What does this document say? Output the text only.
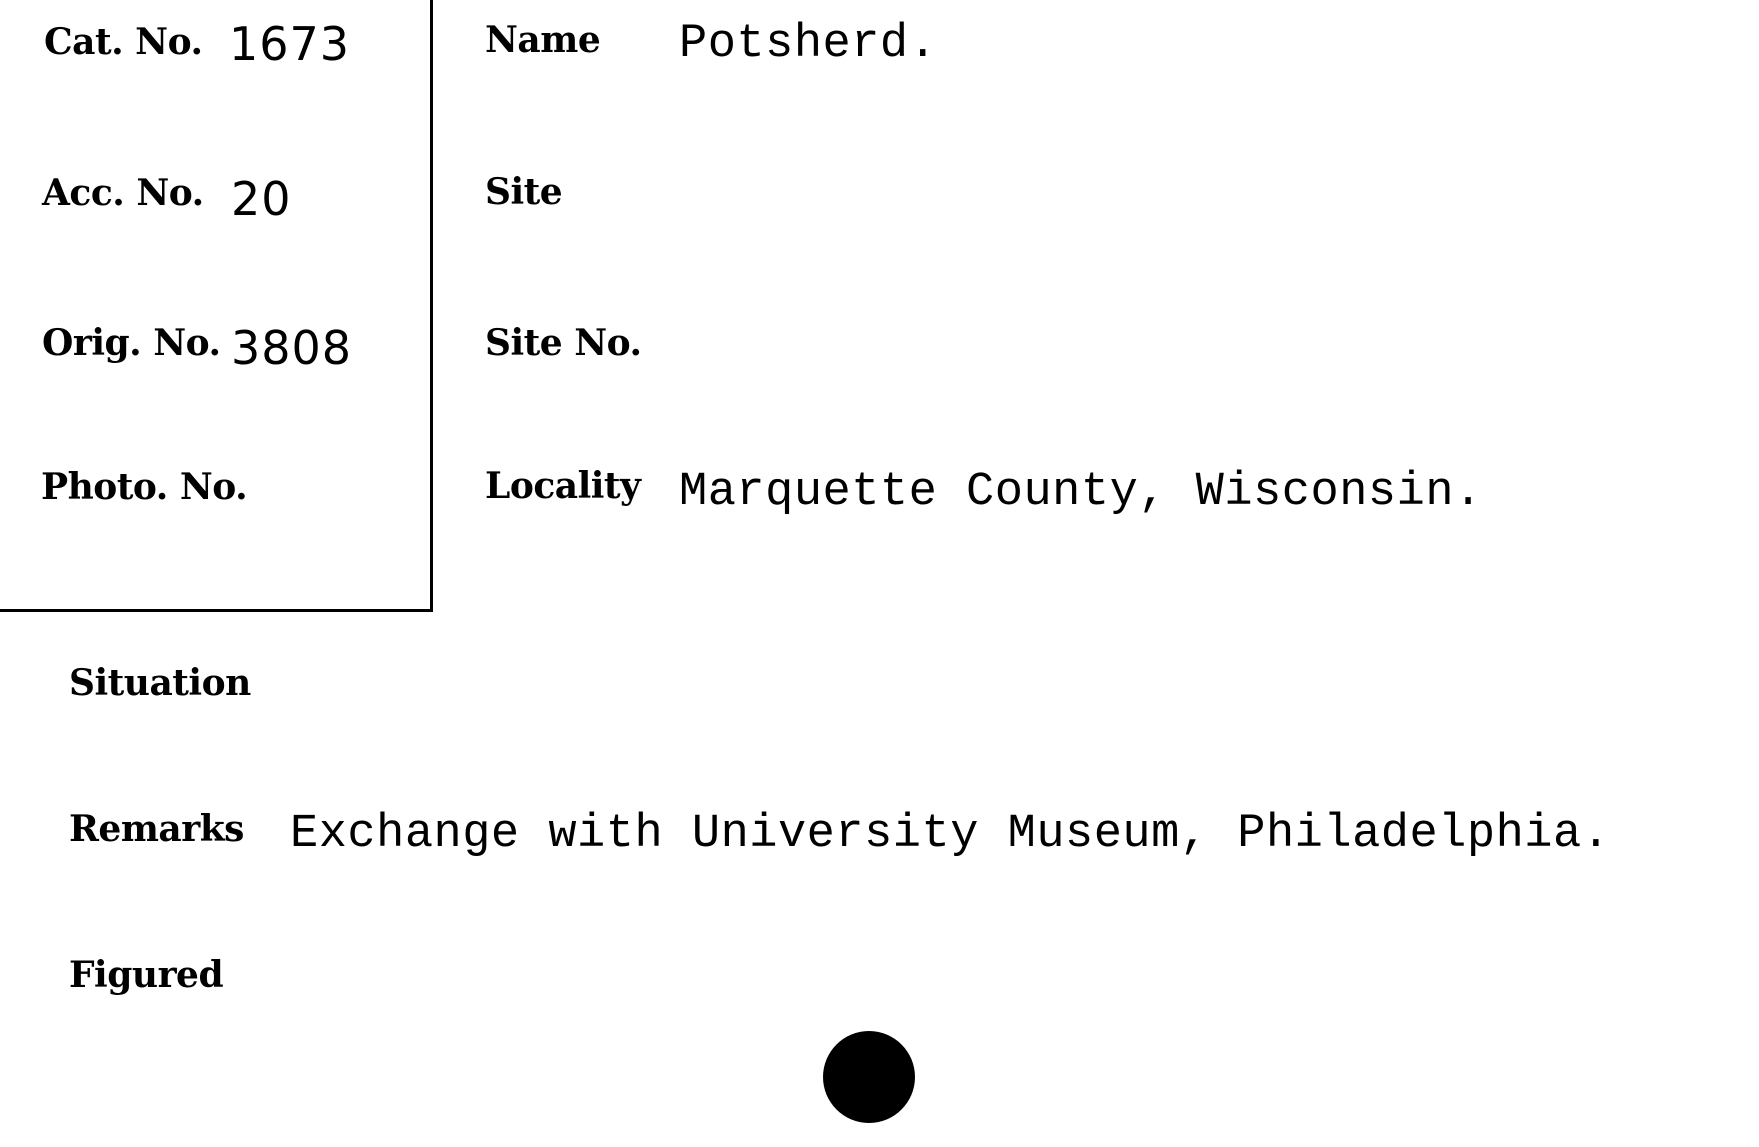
Cat. No. 1673
Acc. No. 20
Orig. No. 3808
Photo. No.
Name Potsherd.
Site
Site No.
Locality Marquette County, Wisconsin.
Situation
Remarks Exchange with University Museum, Philadelphia.
Figured
